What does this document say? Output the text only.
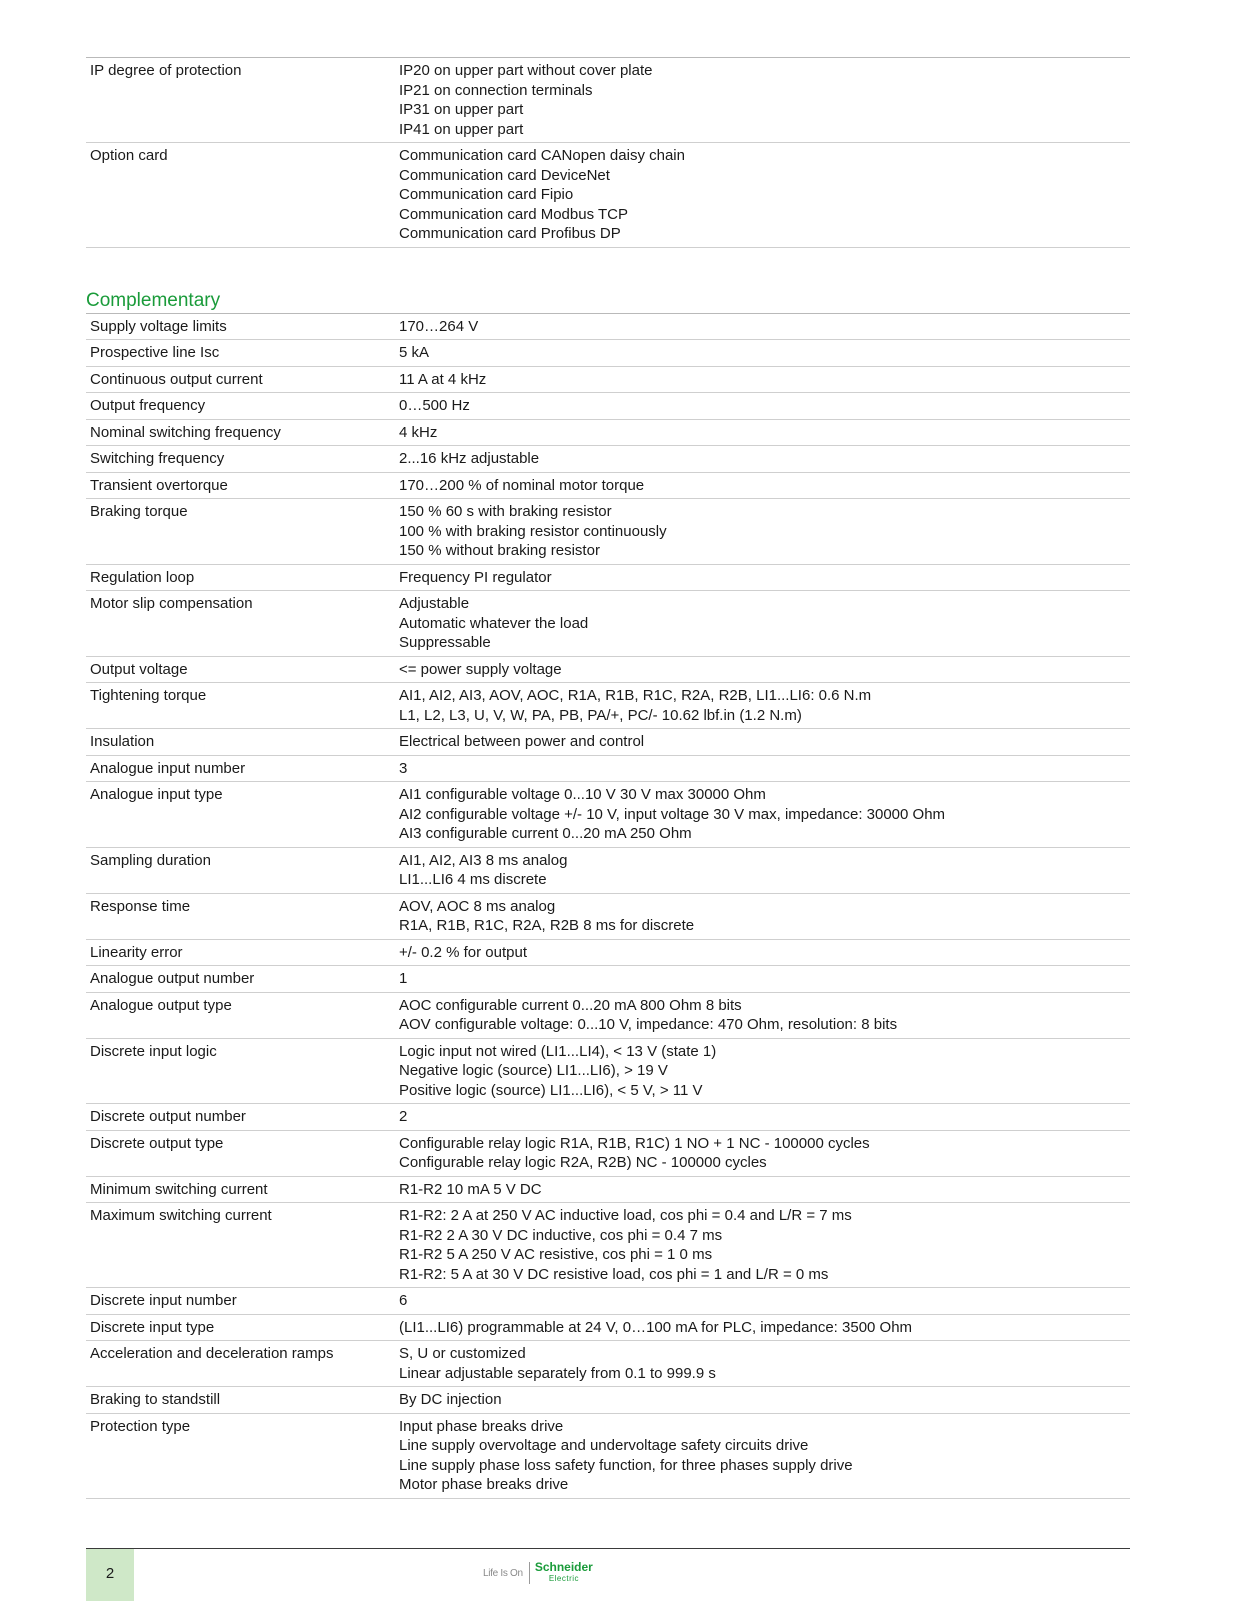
IP degree of protection	IP20 on upper part without cover plate
IP21 on connection terminals
IP31 on upper part
IP41 on upper part

Option card	Communication card CANopen daisy chain
Communication card DeviceNet
Communication card Fipio
Communication card Modbus TCP
Communication card Profibus DP
Complementary
Supply voltage limits	170…264 V

Prospective line Isc	5 kA

Continuous output current	11 A at 4 kHz

Output frequency	0…500 Hz

Nominal switching frequency	4 kHz

Switching frequency	2...16 kHz adjustable

Transient overtorque	170…200 % of nominal motor torque

Braking torque	150 % 60 s with braking resistor
100 % with braking resistor continuously
150 % without braking resistor

Regulation loop	Frequency PI regulator

Motor slip compensation	Adjustable
Automatic whatever the load
Suppressable

Output voltage	<= power supply voltage

Tightening torque	AI1, AI2, AI3, AOV, AOC, R1A, R1B, R1C, R2A, R2B, LI1...LI6: 0.6 N.m
L1, L2, L3, U, V, W, PA, PB, PA/+, PC/- 10.62 lbf.in (1.2 N.m)

Insulation	Electrical between power and control

Analogue input number	3

Analogue input type	AI1 configurable voltage 0...10 V 30 V max 30000 Ohm
AI2 configurable voltage +/- 10 V, input voltage 30 V max, impedance: 30000 Ohm
AI3 configurable current 0...20 mA 250 Ohm

Sampling duration	AI1, AI2, AI3 8 ms analog
LI1...LI6 4 ms discrete

Response time	AOV, AOC 8 ms analog
R1A, R1B, R1C, R2A, R2B 8 ms for discrete

Linearity error	+/- 0.2 % for output

Analogue output number	1

Analogue output type	AOC configurable current 0...20 mA 800 Ohm 8 bits
AOV configurable voltage: 0...10 V, impedance: 470 Ohm, resolution: 8 bits

Discrete input logic	Logic input not wired (LI1...LI4), < 13 V (state 1)
Negative logic (source) LI1...LI6), > 19 V
Positive logic (source) LI1...LI6), < 5 V, > 11 V

Discrete output number	2

Discrete output type	Configurable relay logic R1A, R1B, R1C) 1 NO + 1 NC - 100000 cycles
Configurable relay logic R2A, R2B) NC - 100000 cycles

Minimum switching current	R1-R2 10 mA 5 V DC

Maximum switching current	R1-R2: 2 A at 250 V AC inductive load, cos phi = 0.4 and L/R = 7 ms
R1-R2 2 A 30 V DC inductive, cos phi = 0.4 7 ms
R1-R2 5 A 250 V AC resistive, cos phi = 1 0 ms
R1-R2: 5 A at 30 V DC resistive load, cos phi = 1 and L/R = 0 ms

Discrete input number	6

Discrete input type	(LI1...LI6) programmable at 24 V, 0…100 mA for PLC, impedance: 3500 Ohm

Acceleration and deceleration ramps	S, U or customized
Linear adjustable separately from 0.1 to 999.9 s

Braking to standstill	By DC injection

Protection type	Input phase breaks drive
Line supply overvoltage and undervoltage safety circuits drive
Line supply phase loss safety function, for three phases supply drive
Motor phase breaks drive
2	Life Is On	Schneider
Electric
